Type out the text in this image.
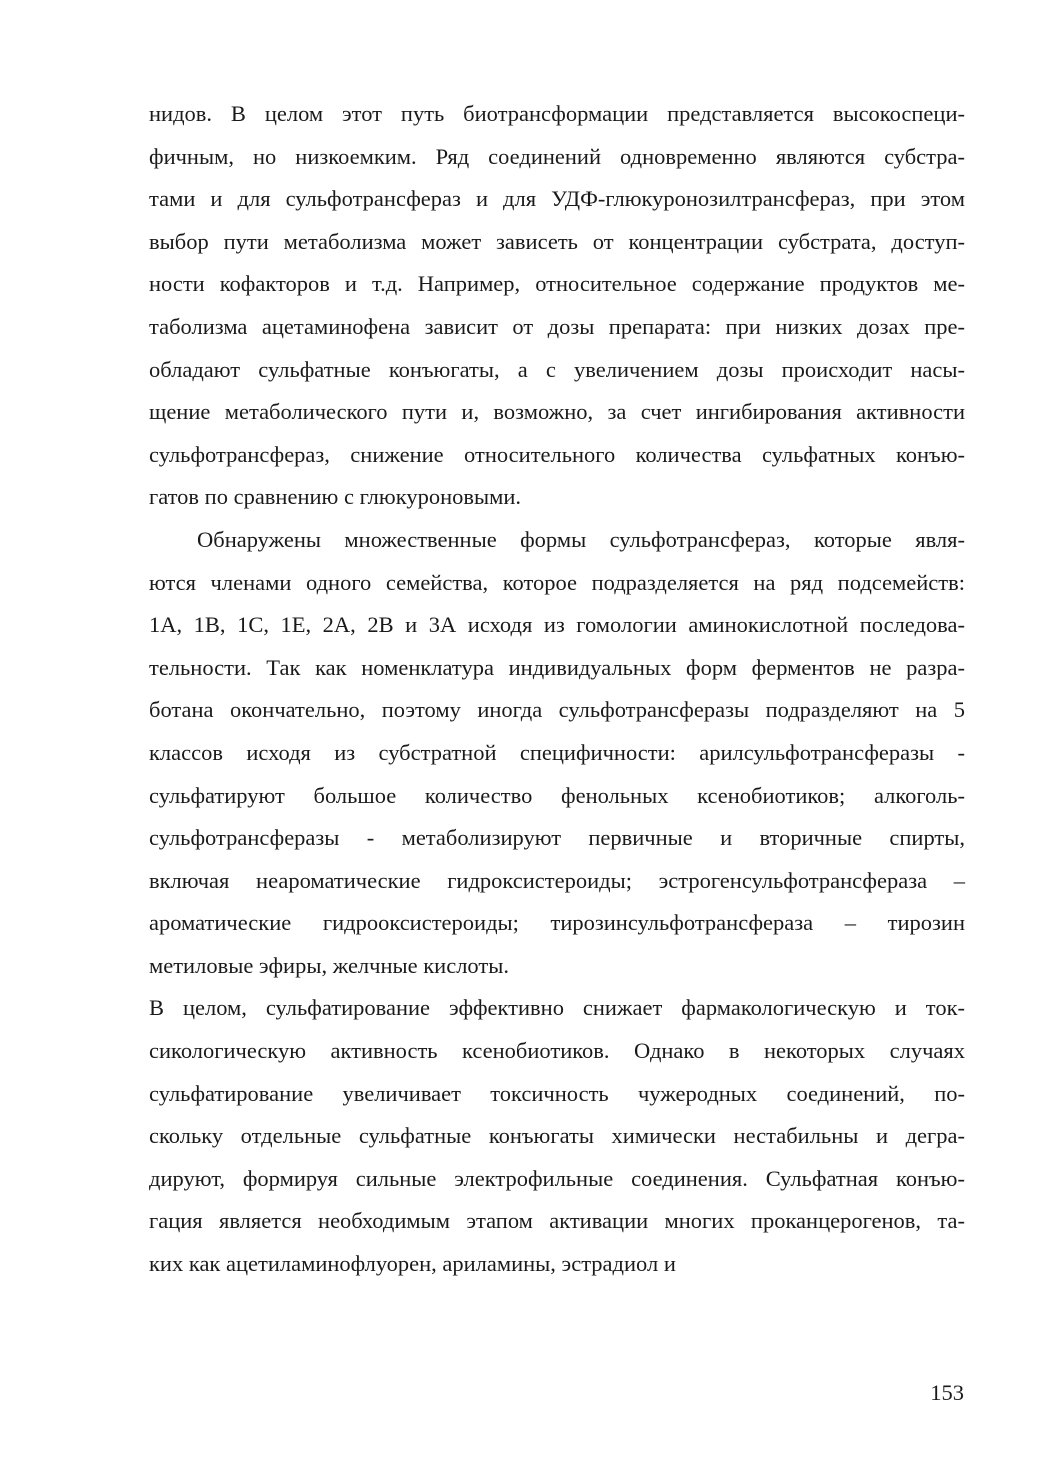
нидов. В целом этот путь биотрансформации представляется высокоспеци-
фичным, но низкоемким. Ряд соединений одновременно являются субстра-
тами и для сульфотрансфераз и для УДФ-глюкуронозилтрансфераз, при этом
выбор пути метаболизма может зависеть от концентрации субстрата, доступ-
ности кофакторов и т.д. Например, относительное содержание продуктов ме-
таболизма ацетаминофена зависит от дозы препарата: при низких дозах пре-
обладают сульфатные конъюгаты, а с увеличением дозы происходит насы-
щение метаболического пути и, возможно, за счет ингибирования активности
сульфотрансфераз, снижение относительного количества сульфатных конъю-
гатов по сравнению с глюкуроновыми.
Обнаружены множественные формы сульфотрансфераз, которые явля-
ются членами одного семейства, которое подразделяется на ряд подсемейств:
1А, 1В, 1С, 1Е, 2А, 2В и 3А исходя из гомологии аминокислотной последова-
тельности. Так как номенклатура индивидуальных форм ферментов не разра-
ботана окончательно, поэтому иногда сульфотрансферазы подразделяют на 5
классов исходя из субстратной специфичности: арилсульфотрансферазы -
сульфатируют большое количество фенольных ксенобиотиков; алкоголь-
сульфотрансферазы - метаболизируют первичные и вторичные спирты,
включая неароматические гидроксистероиды; эстрогенсульфотрансфераза –
ароматические гидрооксистероиды; тирозинсульфотрансфераза – тирозин
метиловые эфиры, желчные кислоты.
В целом, сульфатирование эффективно снижает фармакологическую и ток-
сикологическую активность ксенобиотиков. Однако в некоторых случаях
сульфатирование увеличивает токсичность чужеродных соединений, по-
скольку отдельные сульфатные конъюгаты химически нестабильны и дегра-
дируют, формируя сильные электрофильные соединения. Сульфатная конъю-
гация является необходимым этапом активации многих проканцерогенов, та-
ких как ацетиламинофлуорен, ариламины, эстрадиол и
153
